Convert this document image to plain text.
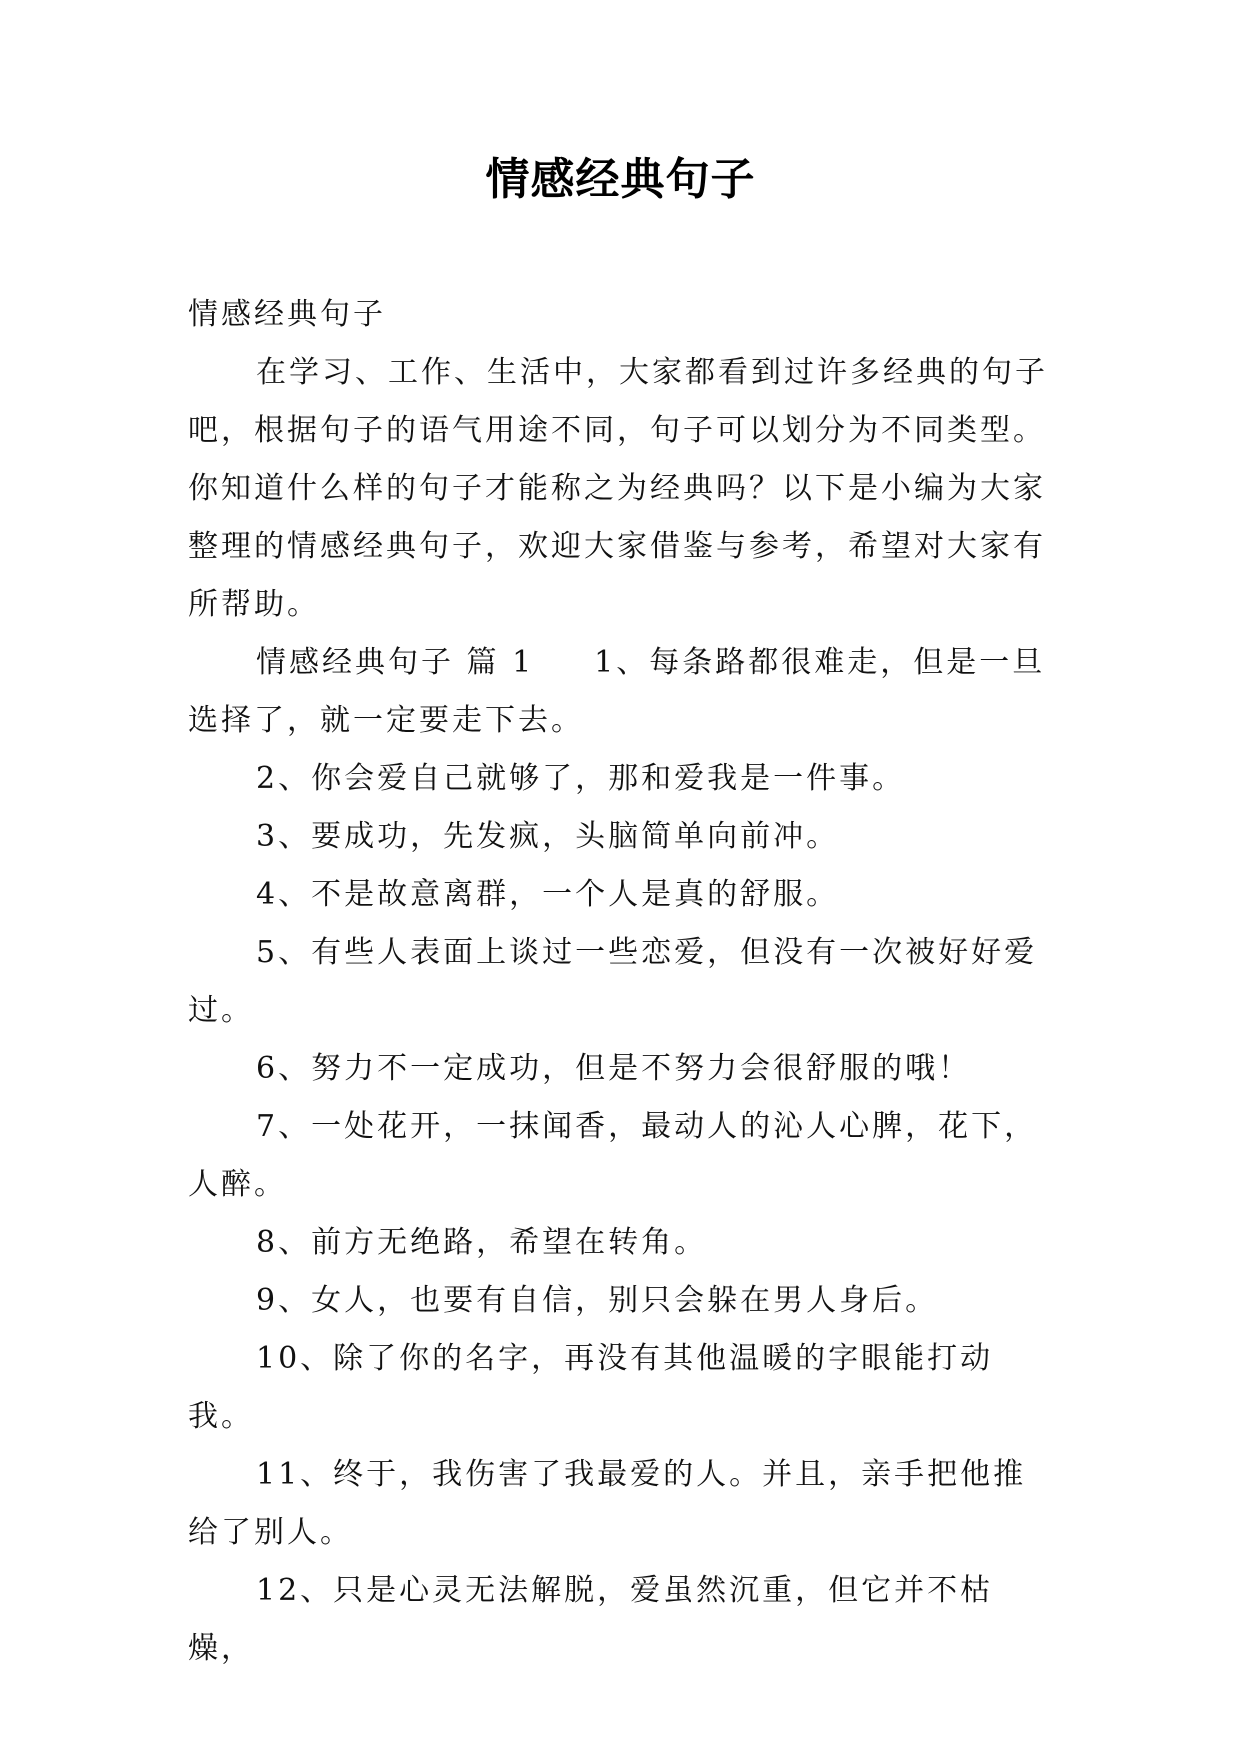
情感经典句子

情感经典句子

在学习、工作、生活中，大家都看到过许多经典的句子吧，根据句子的语气用途不同，句子可以划分为不同类型。你知道什么样的句子才能称之为经典吗？以下是小编为大家整理的情感经典句子，欢迎大家借鉴与参考，希望对大家有所帮助。

情感经典句子 篇 1 1、每条路都很难走，但是一旦选择了，就一定要走下去。

2、你会爱自己就够了，那和爱我是一件事。

3、要成功，先发疯，头脑简单向前冲。

4、不是故意离群，一个人是真的舒服。

5、有些人表面上谈过一些恋爱，但没有一次被好好爱过。

6、努力不一定成功，但是不努力会很舒服的哦！

7、一处花开，一抹闻香，最动人的沁人心脾，花下，人醉。

8、前方无绝路，希望在转角。

9、女人，也要有自信，别只会躲在男人身后。

10、除了你的名字，再没有其他温暖的字眼能打动我。

11、终于，我伤害了我最爱的人。并且，亲手把他推给了别人。

12、只是心灵无法解脱，爱虽然沉重，但它并不枯燥，
